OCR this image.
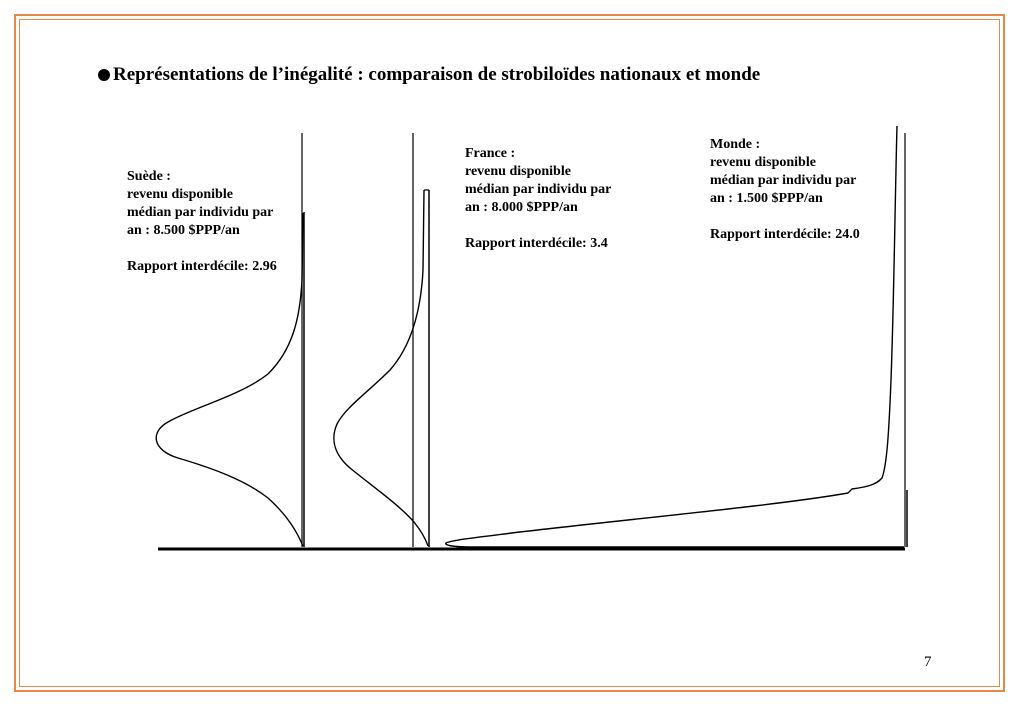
Représentations de l’inégalité : comparaison de strobiloïdes nationaux et monde
Suède :
revenu disponible
médian par individu par
an : 8.500 $PPP/an
Rapport interdécile: 2.96
France :
revenu disponible
médian par individu par
an : 8.000 $PPP/an
Rapport interdécile: 3.4
Monde :
revenu disponible
médian par individu par
an : 1.500 $PPP/an
Rapport interdécile: 24.0
7
